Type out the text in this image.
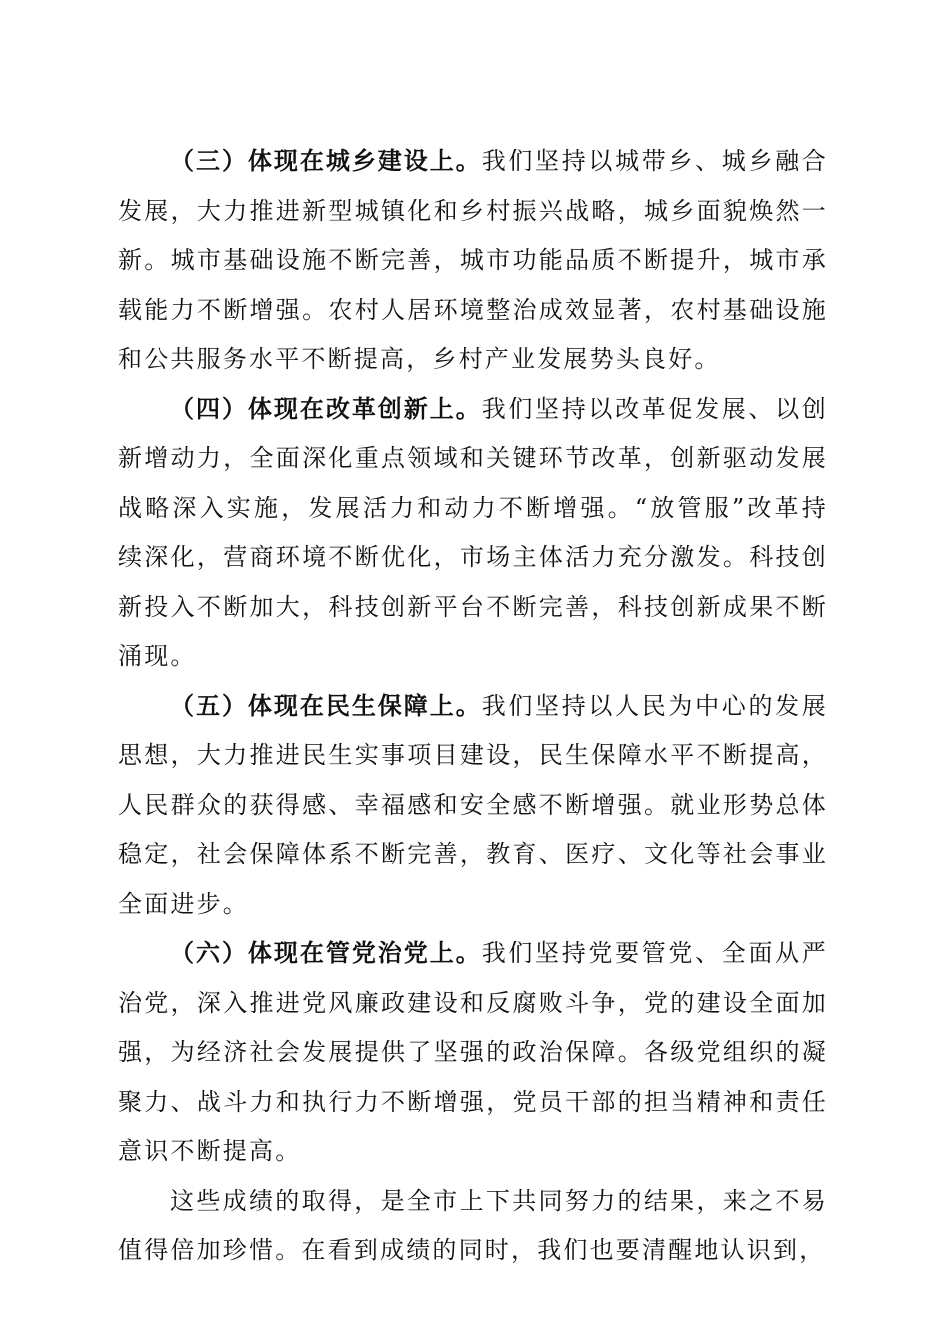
（三）体现在城乡建设上。我们坚持以城带乡、城乡融合发展，大力推进新型城镇化和乡村振兴战略，城乡面貌焕然一新。城市基础设施不断完善，城市功能品质不断提升，城市承载能力不断增强。农村人居环境整治成效显著，农村基础设施和公共服务水平不断提高，乡村产业发展势头良好。

（四）体现在改革创新上。我们坚持以改革促发展、以创新增动力，全面深化重点领域和关键环节改革，创新驱动发展战略深入实施，发展活力和动力不断增强。“放管服”改革持续深化，营商环境不断优化，市场主体活力充分激发。科技创新投入不断加大，科技创新平台不断完善，科技创新成果不断涌现。

（五）体现在民生保障上。我们坚持以人民为中心的发展思想，大力推进民生实事项目建设，民生保障水平不断提高，人民群众的获得感、幸福感和安全感不断增强。就业形势总体稳定，社会保障体系不断完善，教育、医疗、文化等社会事业全面进步。

（六）体现在管党治党上。我们坚持党要管党、全面从严治党，深入推进党风廉政建设和反腐败斗争，党的建设全面加强，为经济社会发展提供了坚强的政治保障。各级党组织的凝聚力、战斗力和执行力不断增强，党员干部的担当精神和责任意识不断提高。

这些成绩的取得，是全市上下共同努力的结果，来之不易值得倍加珍惜。在看到成绩的同时，我们也要清醒地认识到，
